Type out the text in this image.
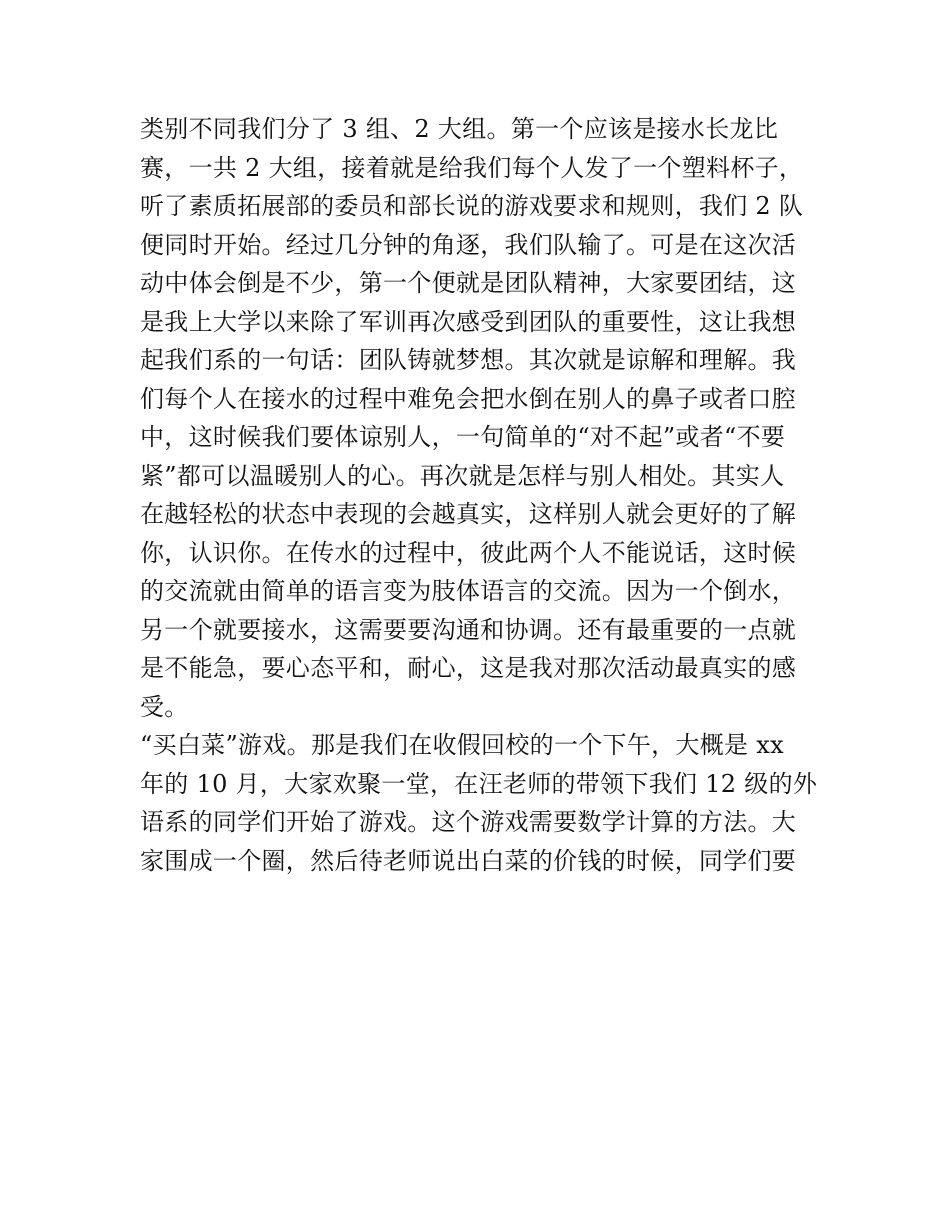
类别不同我们分了 3 组、2 大组。第一个应该是接水长龙比
赛，一共 2 大组，接着就是给我们每个人发了一个塑料杯子，
听了素质拓展部的委员和部长说的游戏要求和规则，我们 2 队
便同时开始。经过几分钟的角逐，我们队输了。可是在这次活
动中体会倒是不少，第一个便就是团队精神，大家要团结，这
是我上大学以来除了军训再次感受到团队的重要性，这让我想
起我们系的一句话：团队铸就梦想。其次就是谅解和理解。我
们每个人在接水的过程中难免会把水倒在别人的鼻子或者口腔
中，这时候我们要体谅别人，一句简单的“对不起”或者“不要
紧”都可以温暖别人的心。再次就是怎样与别人相处。其实人
在越轻松的状态中表现的会越真实，这样别人就会更好的了解
你，认识你。在传水的过程中，彼此两个人不能说话，这时候
的交流就由简单的语言变为肢体语言的交流。因为一个倒水，
另一个就要接水，这需要要沟通和协调。还有最重要的一点就
是不能急，要心态平和，耐心，这是我对那次活动最真实的感
受。
“买白菜”游戏。那是我们在收假回校的一个下午，大概是 xx
年的 10 月，大家欢聚一堂，在汪老师的带领下我们 12 级的外
语系的同学们开始了游戏。这个游戏需要数学计算的方法。大
家围成一个圈，然后待老师说出白菜的价钱的时候，同学们要
